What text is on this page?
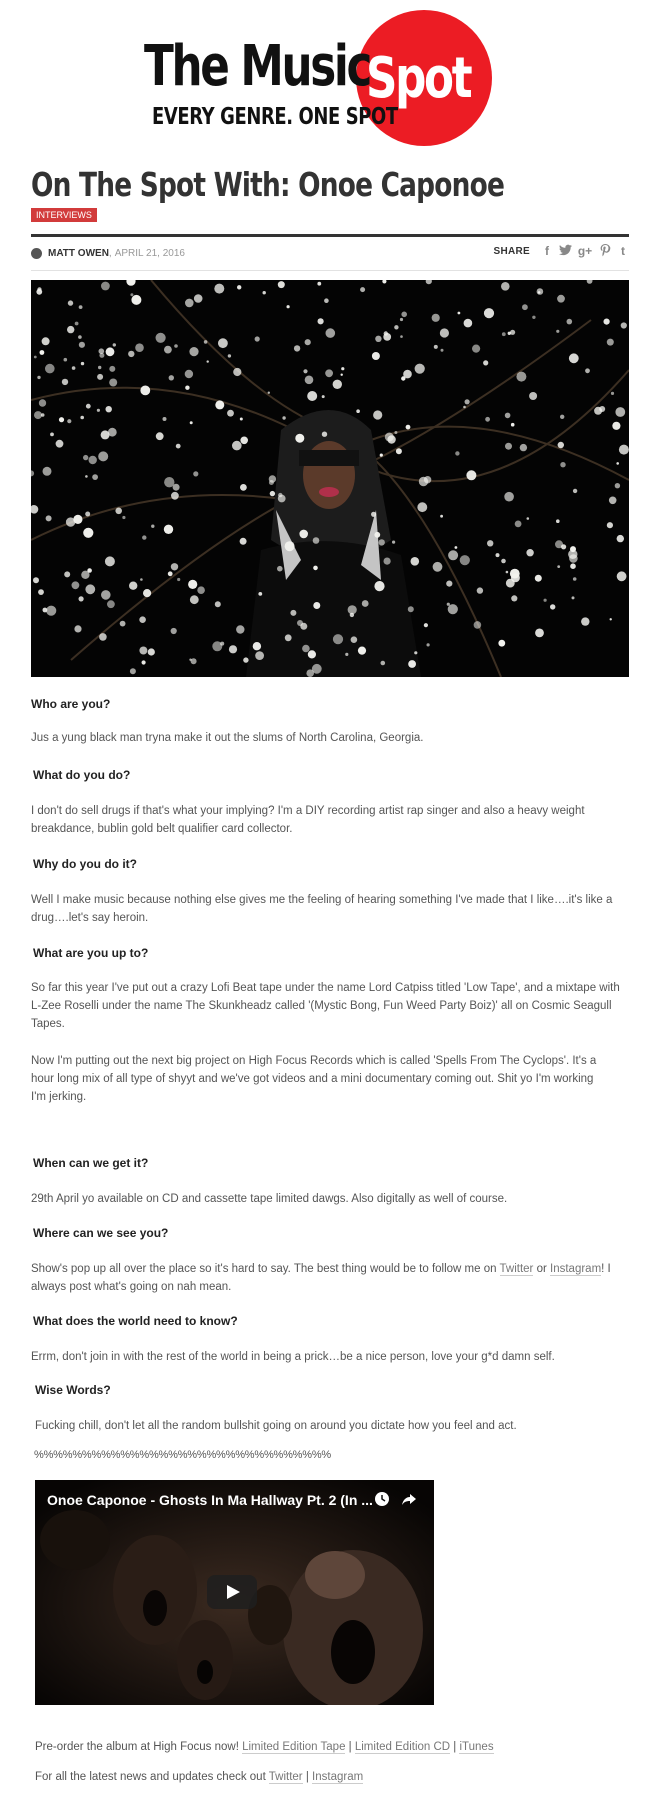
The Music
Spot
EVERY GENRE. ONE SPOT
On The Spot With: Onoe Caponoe
INTERVIEWS
MATT OWEN , APRIL 21, 2016	SHARE	f	g+	t

Who are you?

Jus a yung black man tryna make it out the slums of North Carolina, Georgia.

What do you do?

I don't do sell drugs if that's what your implying? I'm a DIY recording artist rap singer and also a heavy weight breakdance, bublin gold belt qualifier card collector.

Why do you do it?

Well I make music because nothing else gives me the feeling of hearing something I've made that I like….it's like a drug….let's say heroin.

What are you up to?

So far this year I've put out a crazy Lofi Beat tape under the name Lord Catpiss titled 'Low Tape', and a mixtape with L-Zee Roselli under the name The Skunkheadz called '(Mystic Bong, Fun Weed Party Boiz)' all on Cosmic Seagull Tapes.

Now I'm putting out the next big project on High Focus Records which is called 'Spells From The Cyclops'. It's a hour long mix of all type of shyyt and we've got videos and a mini documentary coming out. Shit yo I'm working I'm jerking.

When can we get it?

29th April yo available on CD and cassette tape limited dawgs. Also digitally as well of course.

Where can we see you?

Show's pop up all over the place so it's hard to say. The best thing would be to follow me on Twitter or Instagram! I always post what's going on nah mean.

What does the world need to know?

Errm, don't join in with the rest of the world in being a prick…be a nice person, love your g*d damn self.

Wise Words?

Fucking chill, don't let all the random bullshit going on around you dictate how you feel and act.

%%%%%%%%%%%%%%%%%%%%%%%%%%%%%%%
Onoe Caponoe - Ghosts In Ma Hallway Pt. 2 (In ...

Pre-order the album at High Focus now! Limited Edition Tape | Limited Edition CD | iTunes

For all the latest news and updates check out Twitter | Instagram
